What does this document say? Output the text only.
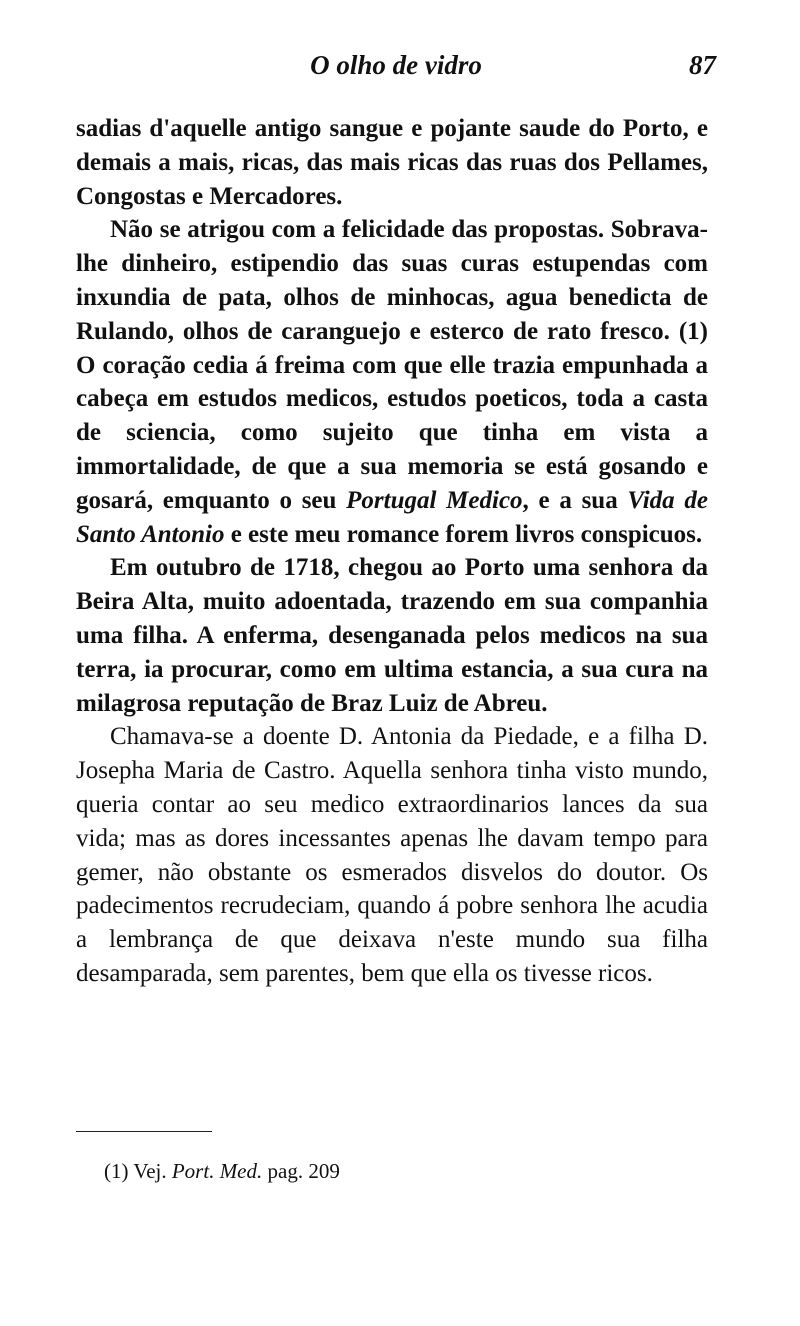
O olho de vidro	87

sadias d'aquelle antigo sangue e pojante saude do Porto, e demais a mais, ricas, das mais ricas das ruas dos Pellames, Congostas e Mercadores.

Não se atrigou com a felicidade das propostas. Sobrava-lhe dinheiro, estipendio das suas curas estupendas com inxundia de pata, olhos de minhocas, agua benedicta de Rulando, olhos de caranguejo e esterco de rato fresco. (1) O coração cedia á freima com que elle trazia empunhada a cabeça em estudos medicos, estudos poeticos, toda a casta de sciencia, como sujeito que tinha em vista a immortalidade, de que a sua memoria se está gosando e gosará, emquanto o seu Portugal Medico, e a sua Vida de Santo Antonio e este meu romance forem livros conspicuos.

Em outubro de 1718, chegou ao Porto uma senhora da Beira Alta, muito adoentada, trazendo em sua companhia uma filha. A enferma, desenganada pelos medicos na sua terra, ia procurar, como em ultima estancia, a sua cura na milagrosa reputação de Braz Luiz de Abreu.

Chamava-se a doente D. Antonia da Piedade, e a filha D. Josepha Maria de Castro. Aquella senhora tinha visto mundo, queria contar ao seu medico extraordinarios lances da sua vida; mas as dores incessantes apenas lhe davam tempo para gemer, não obstante os esmerados disvelos do doutor. Os padecimentos recrudeciam, quando á pobre senhora lhe acudia a lembrança de que deixava n'este mundo sua filha desamparada, sem parentes, bem que ella os tivesse ricos.

(1) Vej. Port. Med. pag. 209
